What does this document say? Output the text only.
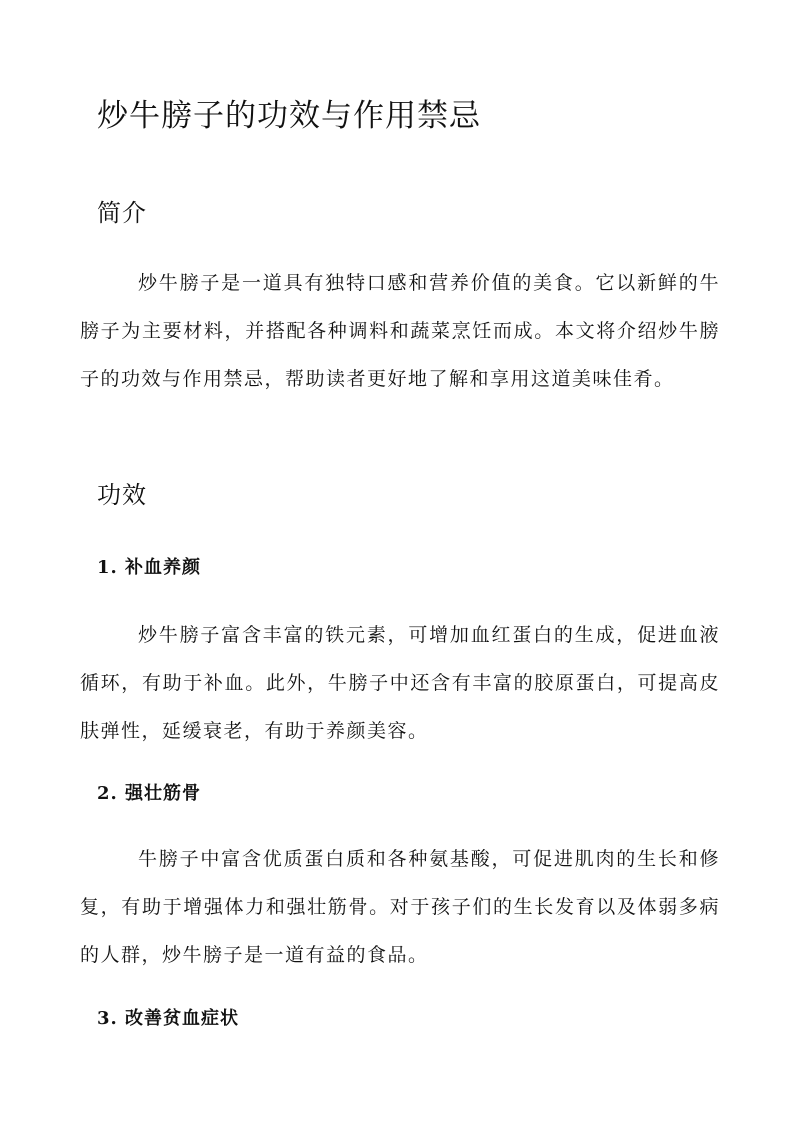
炒牛膀子的功效与作用禁忌
简介

炒牛膀子是一道具有独特口感和营养价值的美食。它以新鲜的牛膀子为主要材料，并搭配各种调料和蔬菜烹饪而成。本文将介绍炒牛膀子的功效与作用禁忌，帮助读者更好地了解和享用这道美味佳肴。

功效
1. 补血养颜

炒牛膀子富含丰富的铁元素，可增加血红蛋白的生成，促进血液循环，有助于补血。此外，牛膀子中还含有丰富的胶原蛋白，可提高皮肤弹性，延缓衰老，有助于养颜美容。

2. 强壮筋骨

牛膀子中富含优质蛋白质和各种氨基酸，可促进肌肉的生长和修复，有助于增强体力和强壮筋骨。对于孩子们的生长发育以及体弱多病的人群，炒牛膀子是一道有益的食品。

3. 改善贫血症状
